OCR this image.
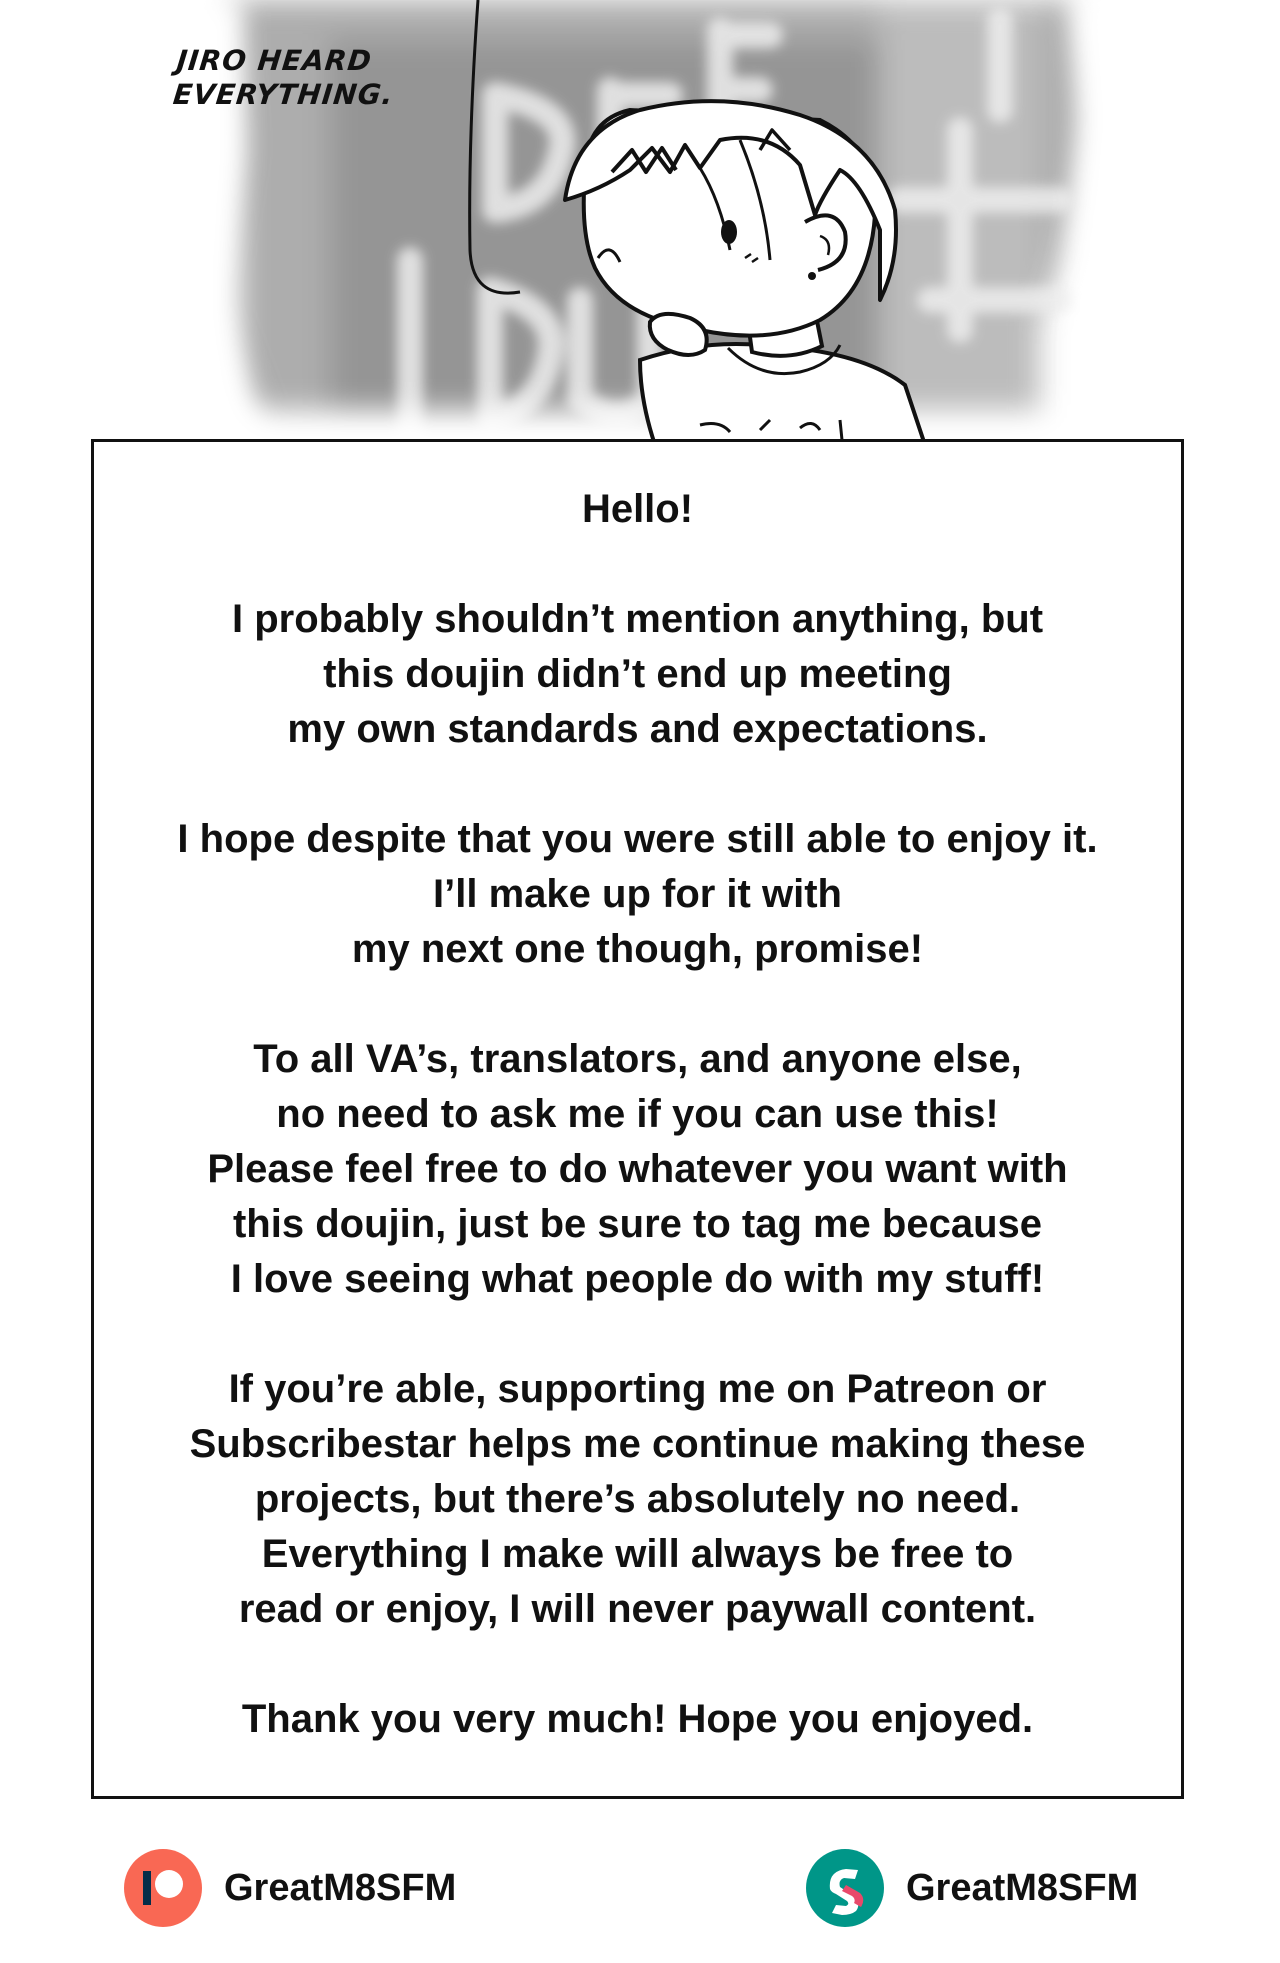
JIRO HEARD
EVERYTHING.

Hello!

I probably shouldn’t mention anything, but
this doujin didn’t end up meeting
my own standards and expectations.

I hope despite that you were still able to enjoy it.
I’ll make up for it with
my next one though, promise!

To all VA’s, translators, and anyone else,
no need to ask me if you can use this!
Please feel free to do whatever you want with
this doujin, just be sure to tag me because
I love seeing what people do with my stuff!

If you’re able, supporting me on Patreon or
Subscribestar helps me continue making these
projects, but there’s absolutely no need.
Everything I make will always be free to
read or enjoy, I will never paywall content.

Thank you very much! Hope you enjoyed.

GreatM8SFM	GreatM8SFM
